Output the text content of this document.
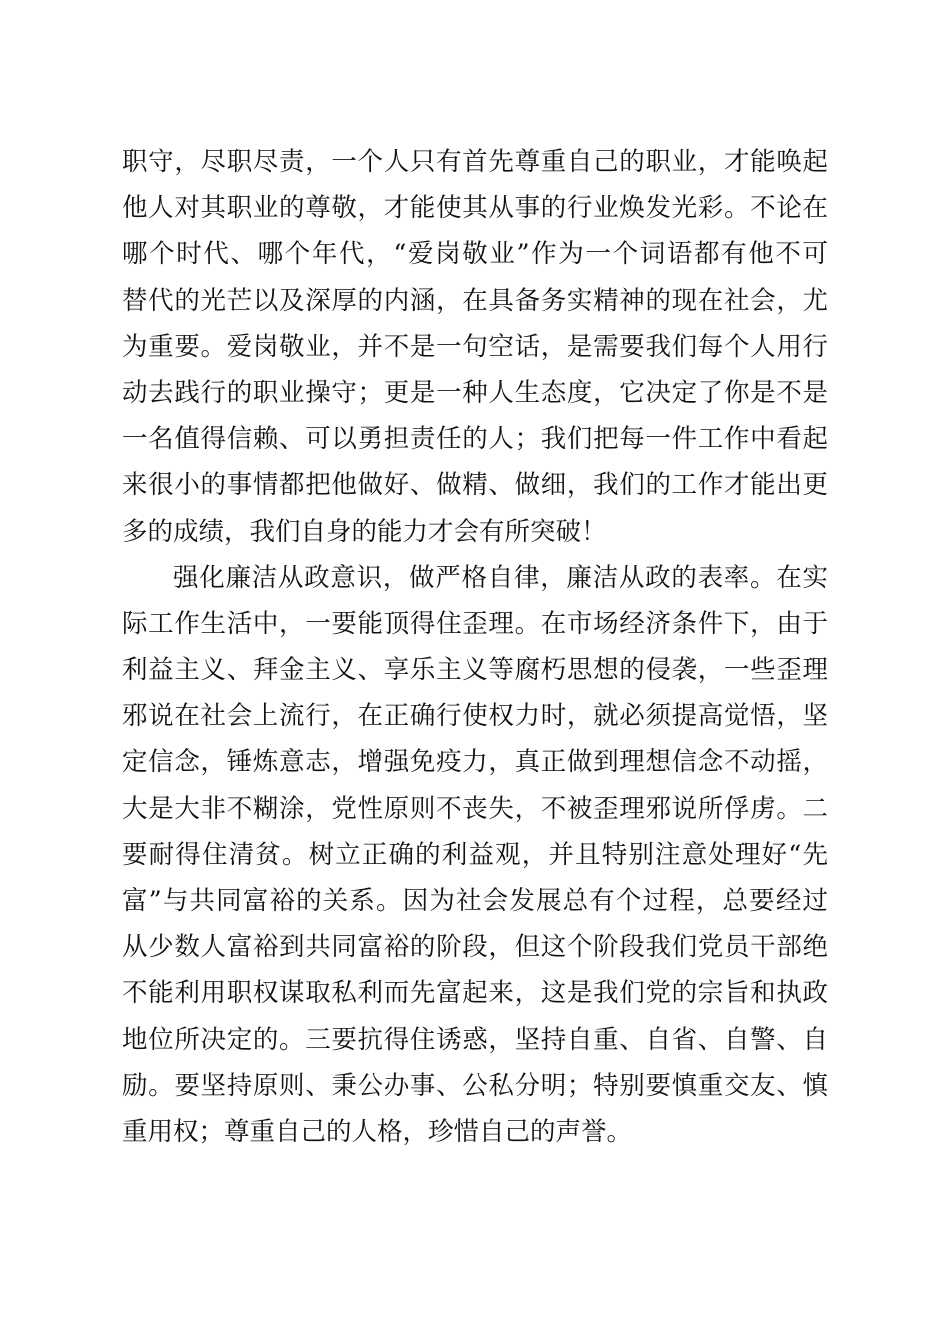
职守，尽职尽责，一个人只有首先尊重自己的职业，才能唤起
他人对其职业的尊敬，才能使其从事的行业焕发光彩。不论在
哪个时代、哪个年代，“爱岗敬业”作为一个词语都有他不可
替代的光芒以及深厚的内涵，在具备务实精神的现在社会，尤
为重要。爱岗敬业，并不是一句空话，是需要我们每个人用行
动去践行的职业操守；更是一种人生态度，它决定了你是不是
一名值得信赖、可以勇担责任的人；我们把每一件工作中看起
来很小的事情都把他做好、做精、做细，我们的工作才能出更
多的成绩，我们自身的能力才会有所突破！
强化廉洁从政意识，做严格自律，廉洁从政的表率。在实
际工作生活中，一要能顶得住歪理。在市场经济条件下，由于
利益主义、拜金主义、享乐主义等腐朽思想的侵袭，一些歪理
邪说在社会上流行，在正确行使权力时，就必须提高觉悟，坚
定信念，锤炼意志，增强免疫力，真正做到理想信念不动摇，
大是大非不糊涂，党性原则不丧失，不被歪理邪说所俘虏。二
要耐得住清贫。树立正确的利益观，并且特别注意处理好“先
富”与共同富裕的关系。因为社会发展总有个过程，总要经过
从少数人富裕到共同富裕的阶段，但这个阶段我们党员干部绝
不能利用职权谋取私利而先富起来，这是我们党的宗旨和执政
地位所决定的。三要抗得住诱惑，坚持自重、自省、自警、自
励。要坚持原则、秉公办事、公私分明；特别要慎重交友、慎
重用权；尊重自己的人格，珍惜自己的声誉。
